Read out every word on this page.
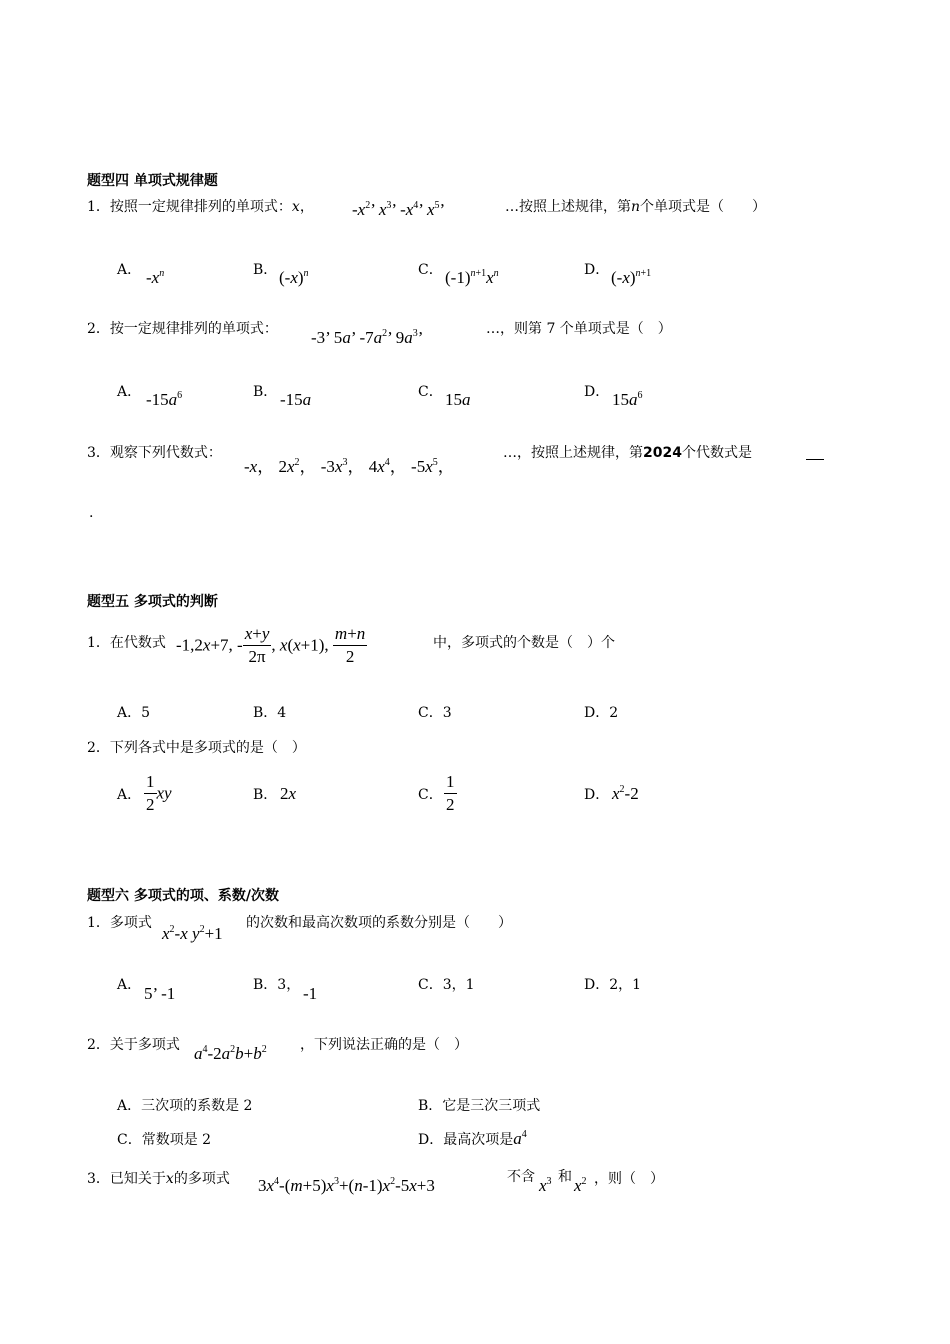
题型四 单项式规律题
1．按照一定规律排列的单项式：x， $-x^2$’ $x^3$’ $-x^4$’ $x^5$’	…按照上述规律，第n个单项式是（　　）
A． $-x^n$	B． $(-x)^n$	C． $(-1)^{n+1}x^n$	D． $(-x)^{n+1}$
2．按一定规律排列的单项式： -3’ 5a’ $-7a^2$’ $9a^3$’	…，则第 7 个单项式是（　）
A． $-15a^6$	B． -15a	C． 15a	D． $15a^6$
3．观察下列代数式：
-x， $2x^2$， $-3x^3$， $4x^4$， $-5x^5$，
…，按照上述规律，第2024个代数式是
.
题型五 多项式的判断
1．在代数式 -1,2x+7, - $\frac{x+y}{2\pi}$ , x(x+1), $\frac{m+n}{2}$	中，多项式的个数是（　）个
A．5	B．4	C．3	D．2
2．下列各式中是多项式的是（　）
A． $\frac{1}{2}$ xy	B． 2x	C． $\frac{1}{2}$	D． $x^2-2$
题型六 多项式的项、系数/次数
1．多项式
$x^2-x$ $y^2+1$
的次数和最高次数项的系数分别是（　　）
A． 5’ -1	B．3， -1	C．3，1	D．2，1
2．关于多项式 $a^4-2a^2b+b^2$ ，下列说法正确的是（　）
A．三次项的系数是 2	B．它是三次三项式
C．常数项是 2	D．最高次项是$a^4$
3．已知关于x的多项式 $3x^4-(m+5)x^3+(n-1)x^2-5x+3$	不含 $x^3$ 和 $x^2$ ，则（　）
